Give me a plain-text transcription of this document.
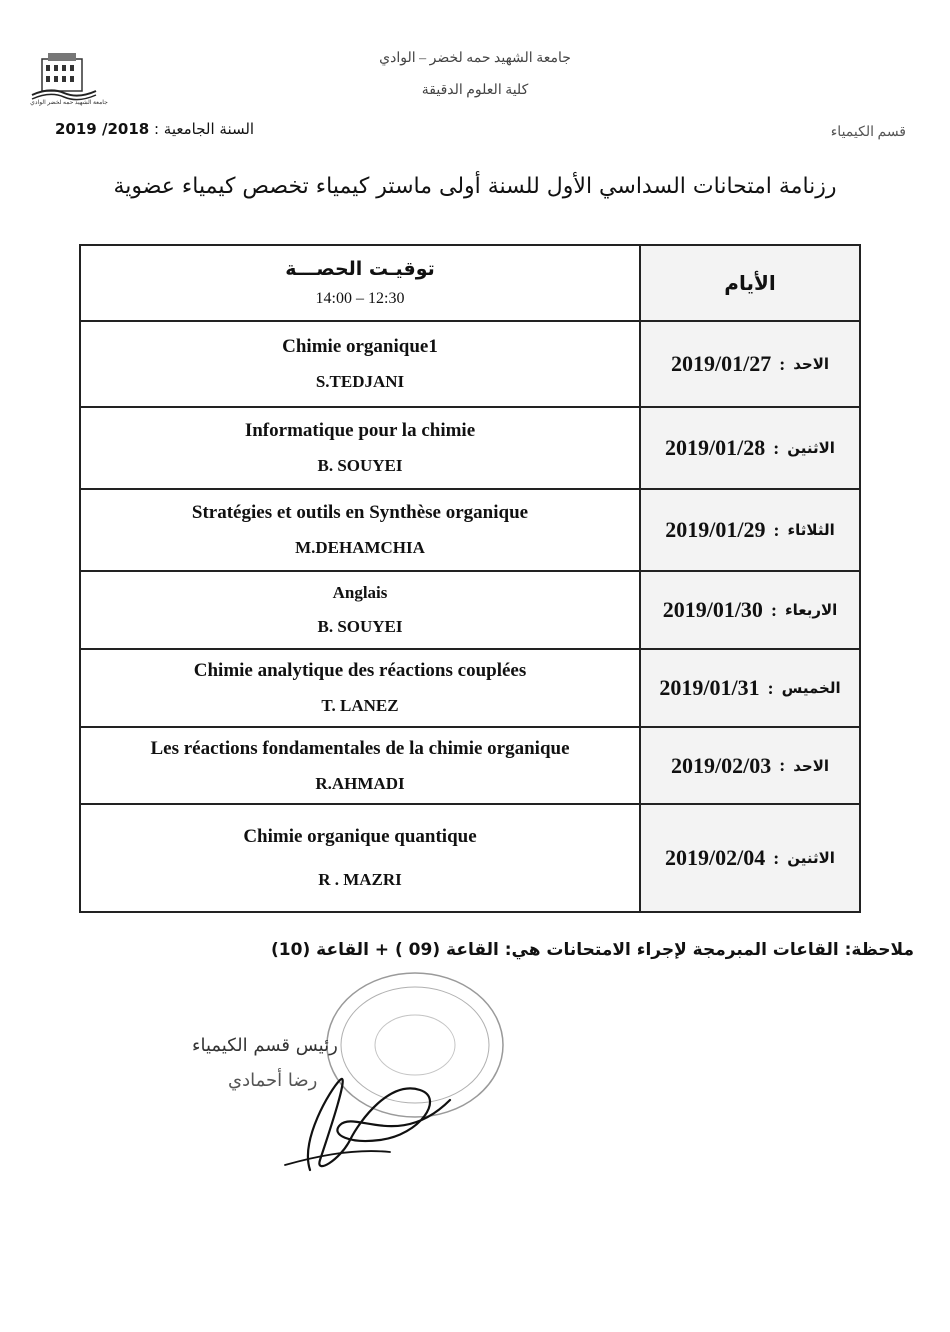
جامعة الشهيد حمه لخضر – الوادي
كلية العلوم الدقيقة
جامعة الشهيد حمه لخضر الوادي
السنة الجامعية : 2018/ 2019	قسم الكيمياء
رزنامة امتحانات السداسي الأول للسنة أولى ماستر كيمياء تخصص كيمياء عضوية
توقيـت الحصـــة
14:00 – 12:30	الأيام

Chimie organique1
S.TEDJANI	2019/01/27 : الاحد

Informatique pour la chimie
B. SOUYEI	2019/01/28 : الاثنين

Stratégies et outils en Synthèse organique
M.DEHAMCHIA	2019/01/29 : الثلاثاء

Anglais
B. SOUYEI	2019/01/30 : الاربعاء

Chimie analytique des réactions couplées
T. LANEZ	2019/01/31 : الخميس

Les réactions fondamentales de la chimie organique
R.AHMADI	2019/02/03 : الاحد

Chimie organique quantique
R . MAZRI	2019/02/04 : الاثنين
ملاحظة: القاعات المبرمجة لإجراء الامتحانات هي: القاعة (09 ) + القاعة (10)
رئيس قسم الكيمياء
رضا أحمادي
